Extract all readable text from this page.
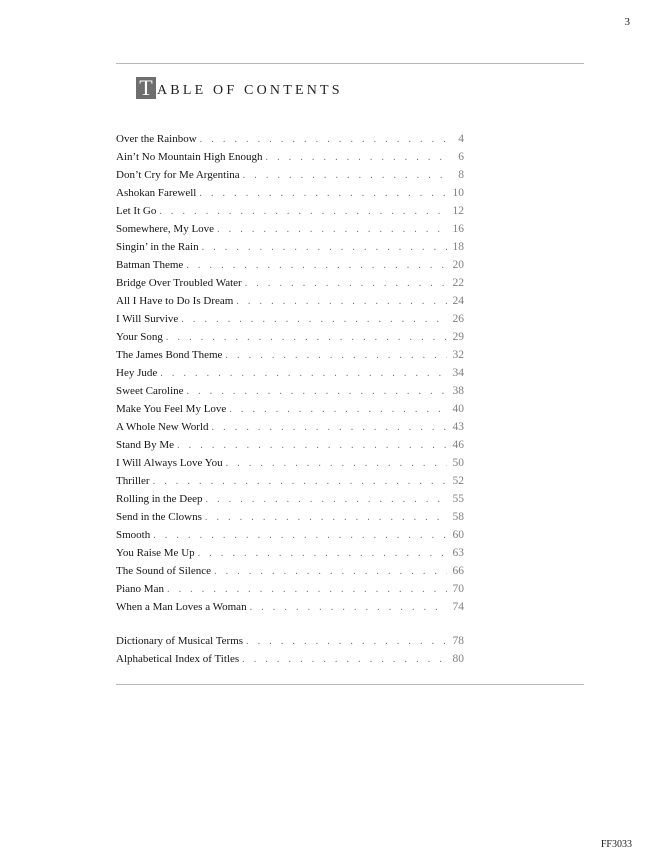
3
T ABLE OF CONTENTS
Over the Rainbow . . .	4
Ain’t No Mountain High Enough . . .	6
Don’t Cry for Me Argentina . . .	8
Ashokan Farewell . . .	10
Let It Go . . .	12
Somewhere, My Love . . .	16
Singin’ in the Rain . . .	18
Batman Theme . . .	20
Bridge Over Troubled Water . . .	22
All I Have to Do Is Dream . . .	24
I Will Survive . . .	26
Your Song . . .	29
The James Bond Theme . . .	32
Hey Jude . . .	34
Sweet Caroline . . .	38
Make You Feel My Love . . .	40
A Whole New World . . .	43
Stand By Me . . .	46
I Will Always Love You . . .	50
Thriller . . .	52
Rolling in the Deep . . .	55
Send in the Clowns . . .	58
Smooth . . .	60
You Raise Me Up . . .	63
The Sound of Silence . . .	66
Piano Man . . .	70
When a Man Loves a Woman . . .	74
Dictionary of Musical Terms . . .	78
Alphabetical Index of Titles . . .	80
FF3033
